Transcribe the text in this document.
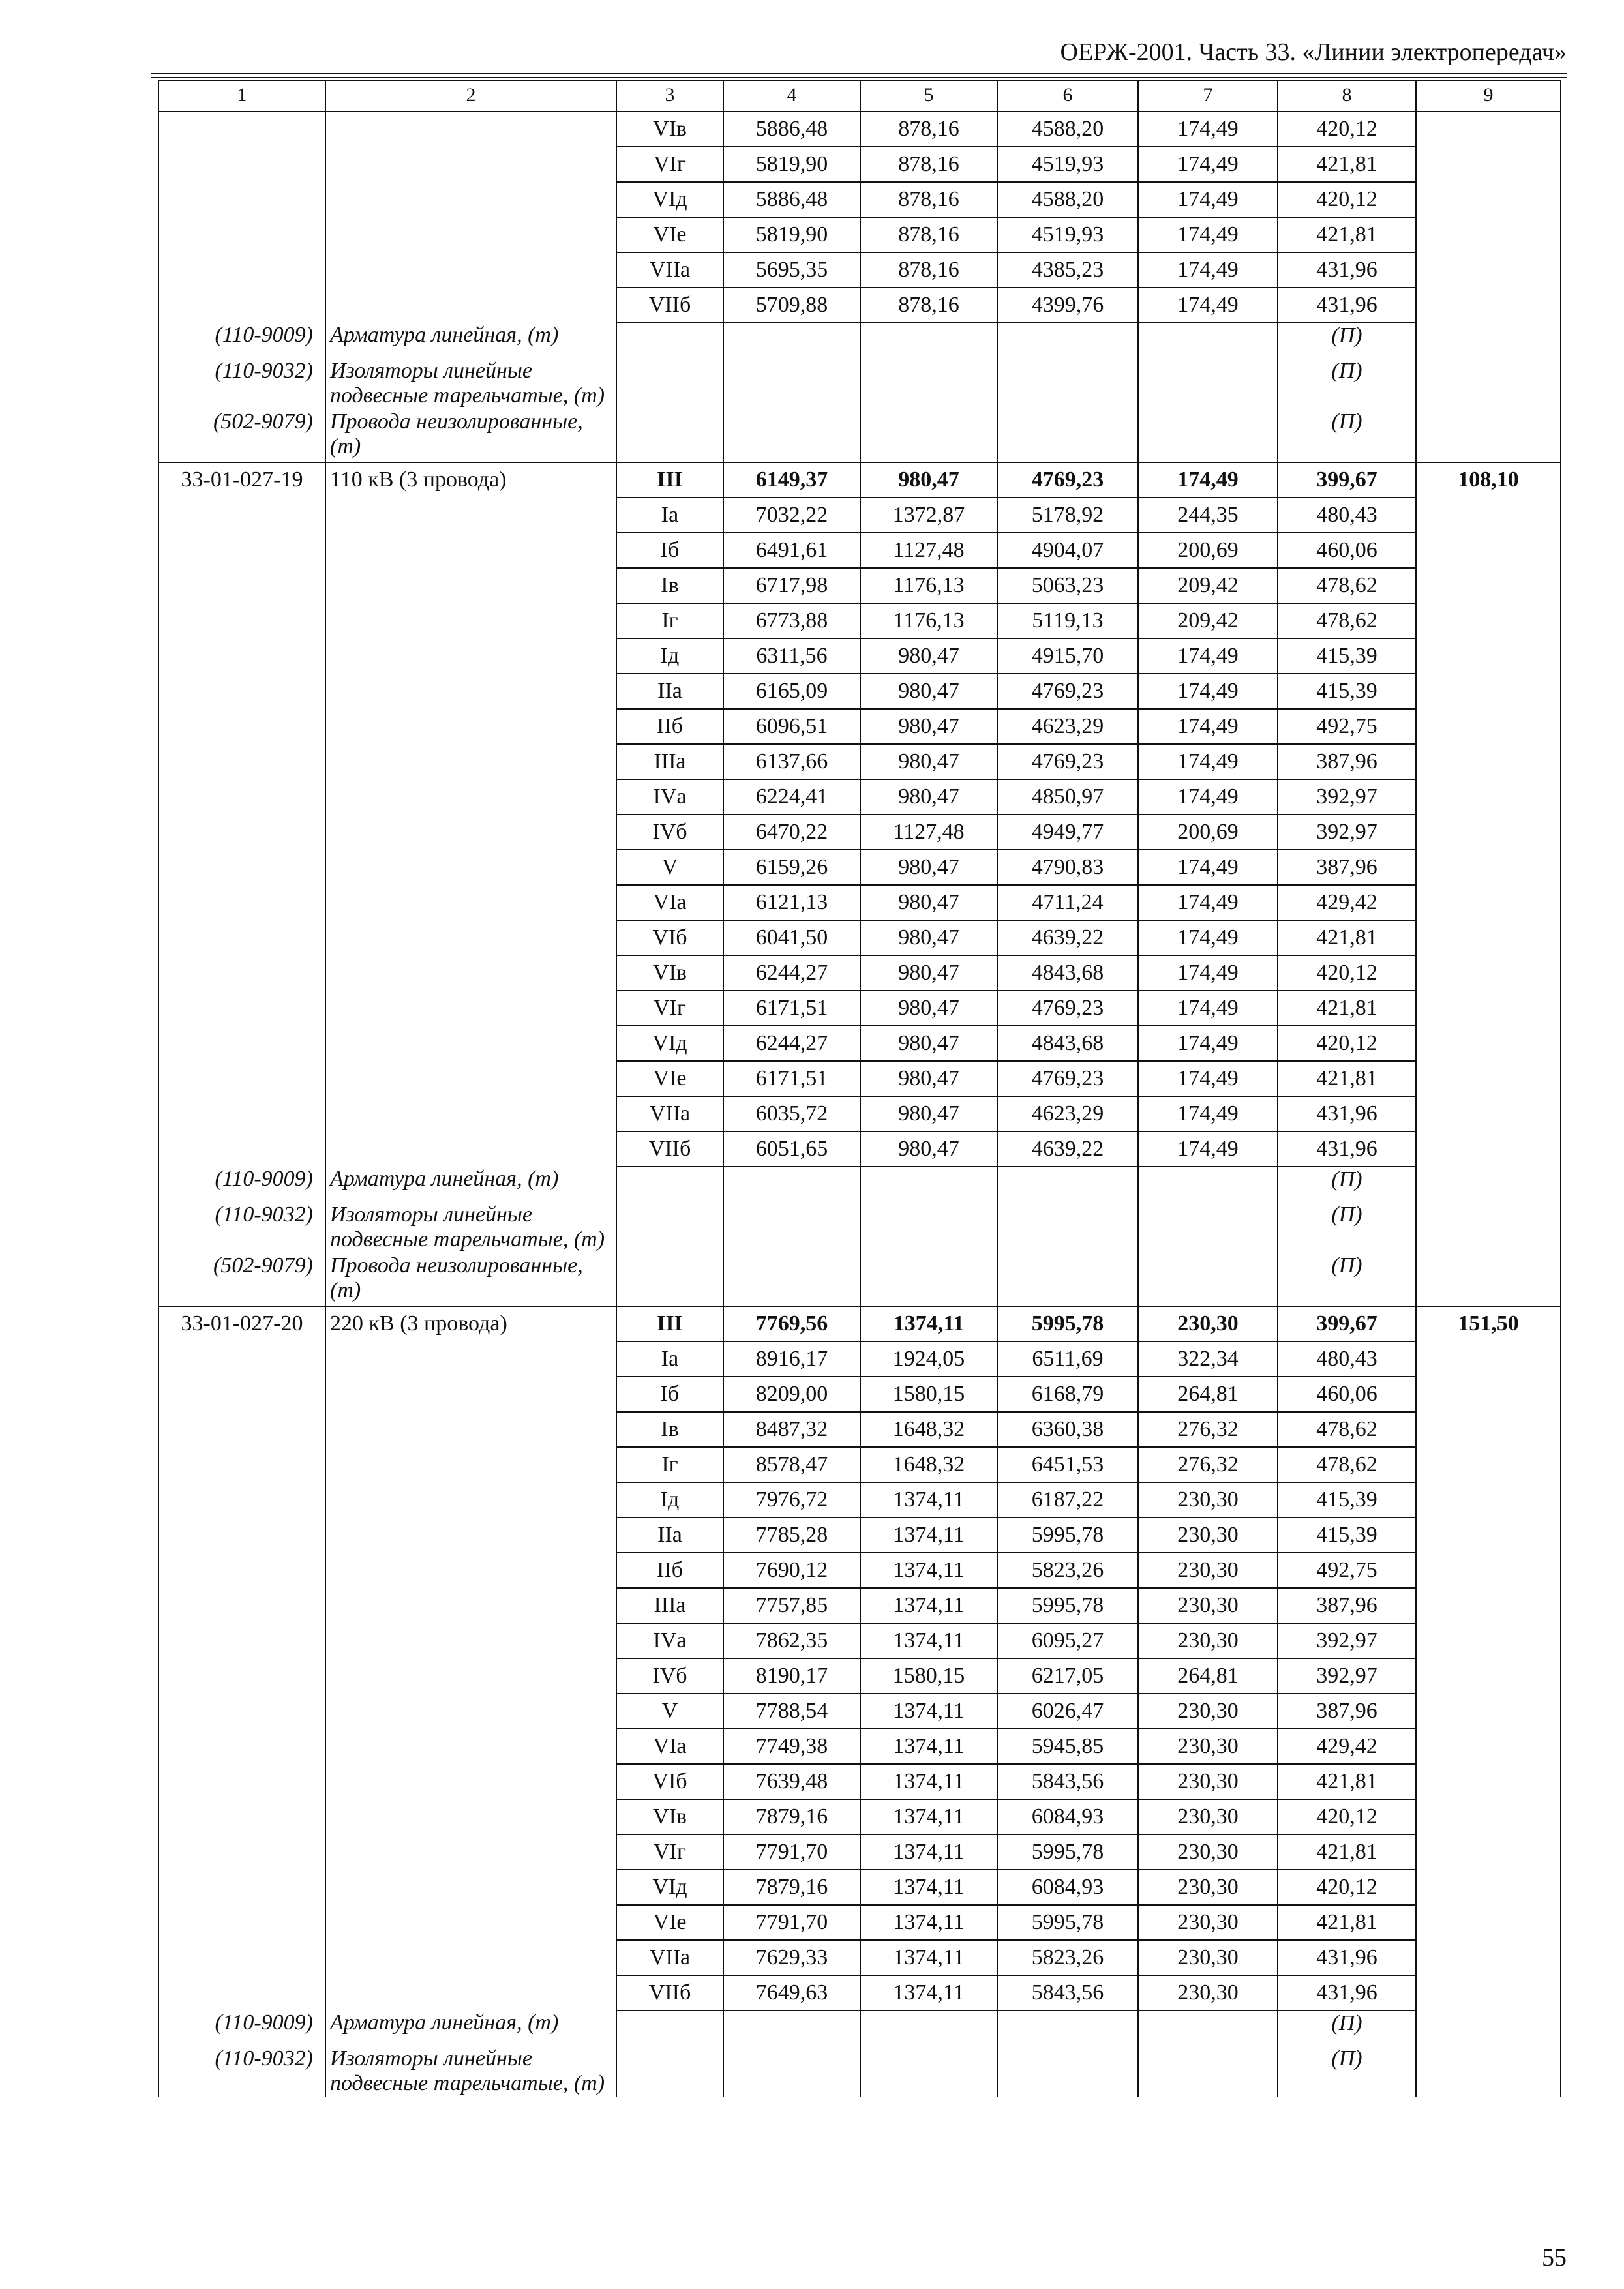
ОЕРЖ-2001. Часть 33. «Линии электропередач»
1	2	3	4	5	6	7	8	9
		VIв	5886,48	878,16	4588,20	174,49	420,12	
		VIг	5819,90	878,16	4519,93	174,49	421,81	
		VIд	5886,48	878,16	4588,20	174,49	420,12	
		VIе	5819,90	878,16	4519,93	174,49	421,81	
		VIIа	5695,35	878,16	4385,23	174,49	431,96	
		VIIб	5709,88	878,16	4399,76	174,49	431,96	
(110-9009)	Арматура линейная, (т)						(П)	
(110-9032)	Изоляторы линейные подвесные тарельчатые, (т)						(П)	
(502-9079)	Провода неизолированные, (т)						(П)	
33-01-027-19	110 кВ (3 провода)	III	6149,37	980,47	4769,23	174,49	399,67	108,10
		Iа	7032,22	1372,87	5178,92	244,35	480,43	
		Iб	6491,61	1127,48	4904,07	200,69	460,06	
		Iв	6717,98	1176,13	5063,23	209,42	478,62	
		Iг	6773,88	1176,13	5119,13	209,42	478,62	
		Iд	6311,56	980,47	4915,70	174,49	415,39	
		IIа	6165,09	980,47	4769,23	174,49	415,39	
		IIб	6096,51	980,47	4623,29	174,49	492,75	
		IIIа	6137,66	980,47	4769,23	174,49	387,96	
		IVа	6224,41	980,47	4850,97	174,49	392,97	
		IVб	6470,22	1127,48	4949,77	200,69	392,97	
		V	6159,26	980,47	4790,83	174,49	387,96	
		VIа	6121,13	980,47	4711,24	174,49	429,42	
		VIб	6041,50	980,47	4639,22	174,49	421,81	
		VIв	6244,27	980,47	4843,68	174,49	420,12	
		VIг	6171,51	980,47	4769,23	174,49	421,81	
		VIд	6244,27	980,47	4843,68	174,49	420,12	
		VIе	6171,51	980,47	4769,23	174,49	421,81	
		VIIа	6035,72	980,47	4623,29	174,49	431,96	
		VIIб	6051,65	980,47	4639,22	174,49	431,96	
(110-9009)	Арматура линейная, (т)						(П)	
(110-9032)	Изоляторы линейные подвесные тарельчатые, (т)						(П)	
(502-9079)	Провода неизолированные, (т)						(П)	
33-01-027-20	220 кВ (3 провода)	III	7769,56	1374,11	5995,78	230,30	399,67	151,50
		Iа	8916,17	1924,05	6511,69	322,34	480,43	
		Iб	8209,00	1580,15	6168,79	264,81	460,06	
		Iв	8487,32	1648,32	6360,38	276,32	478,62	
		Iг	8578,47	1648,32	6451,53	276,32	478,62	
		Iд	7976,72	1374,11	6187,22	230,30	415,39	
		IIа	7785,28	1374,11	5995,78	230,30	415,39	
		IIб	7690,12	1374,11	5823,26	230,30	492,75	
		IIIа	7757,85	1374,11	5995,78	230,30	387,96	
		IVа	7862,35	1374,11	6095,27	230,30	392,97	
		IVб	8190,17	1580,15	6217,05	264,81	392,97	
		V	7788,54	1374,11	6026,47	230,30	387,96	
		VIа	7749,38	1374,11	5945,85	230,30	429,42	
		VIб	7639,48	1374,11	5843,56	230,30	421,81	
		VIв	7879,16	1374,11	6084,93	230,30	420,12	
		VIг	7791,70	1374,11	5995,78	230,30	421,81	
		VIд	7879,16	1374,11	6084,93	230,30	420,12	
		VIе	7791,70	1374,11	5995,78	230,30	421,81	
		VIIа	7629,33	1374,11	5823,26	230,30	431,96	
		VIIб	7649,63	1374,11	5843,56	230,30	431,96	
(110-9009)	Арматура линейная, (т)						(П)	
(110-9032)	Изоляторы линейные подвесные тарельчатые, (т)						(П)	
55
